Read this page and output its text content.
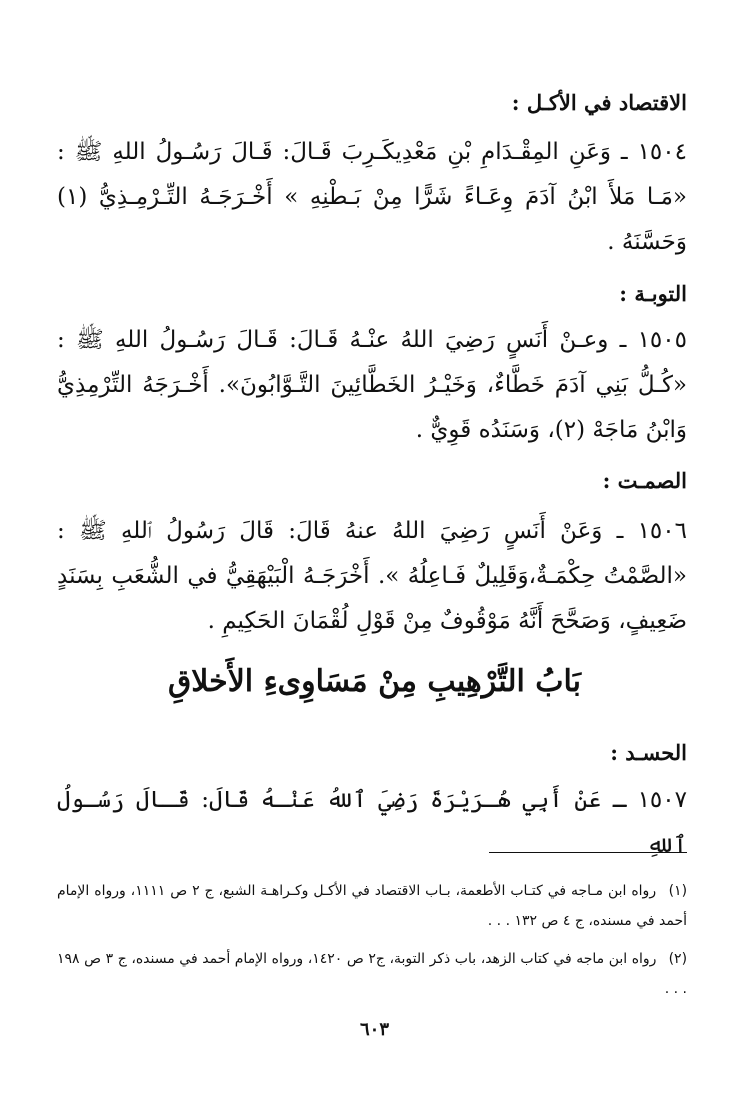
الاقتصاد في الأكـل :
١٥٠٤ ـ وَعَنِ المِقْـدَامِ بْنِ مَعْدِيكَـرِبَ قَـالَ: قَـالَ رَسُـولُ اللهِ ﷺ : «مَـا مَلأَ ابْنُ آدَمَ وِعَـاءً شَرًّا مِنْ بَـطْنِهِ » أَخْـرَجَـهُ التِّـرْمِـذِيُّ (١) وَحَسَّنَهُ .
التوبـة :
١٥٠٥ ـ وعـنْ أَنَسٍ رَضِيَ اللهُ عنْـهُ قَـالَ: قَـالَ رَسُـولُ اللهِ ﷺ : «كُـلُّ بَنِي آدَمَ خَطَّاءٌ، وَخَيْـرُ الخَطَّائِينَ التَّـوَّابُونَ». أَخْـرَجَهُ التِّرْمِذِيُّ وَابْنُ مَاجَهْ (٢)، وَسَنَدُه قَوِيٌّ .
الصمـت :
١٥٠٦ ـ وَعَنْ أَنَسٍ رَضِيَ اللهُ عنهُ قَالَ: قَالَ رَسُولُ ٱللهِ ﷺ : «الصَّمْتُ حِكْمَـةٌ،وَقَلِيلٌ فَـاعِلُهُ ». أَخْرَجَـهُ الْبَيْهَقِيُّ في الشُّعَبِ بِسَنَدٍ ضَعِيفٍ، وَصَحَّحَ أَنَّهُ مَوْقُوفٌ مِنْ قَوْلِ لُقْمَانَ الحَكِيمِ .
بَابُ التَّرْهِيبِ مِنْ مَسَاوِىءِ الأَخلاقِ
الحسـد :
١٥٠٧ ـ عَنْ أَبِي هُـرَيْرَةَ رَضِيَ ٱللهُ عَنْـهُ قَالَ: قَـالَ رَسُـولُ ٱللهِ
(١) رواه ابن مـاجه في كتـاب الأطعمة، بـاب الاقتصاد في الأكـل وكـراهـة الشبع، ج ٢ ص ١١١١، ورواه الإمام أحمد في مسنده، ج ٤ ص ١٣٢ . . .
(٢) رواه ابن ماجه في كتاب الزهد، باب ذكر التوبة، ج٢ ص ١٤٢٠، ورواه الإمام أحمد في مسنده، ج ٣ ص ١٩٨ . . .
٦٠٣
